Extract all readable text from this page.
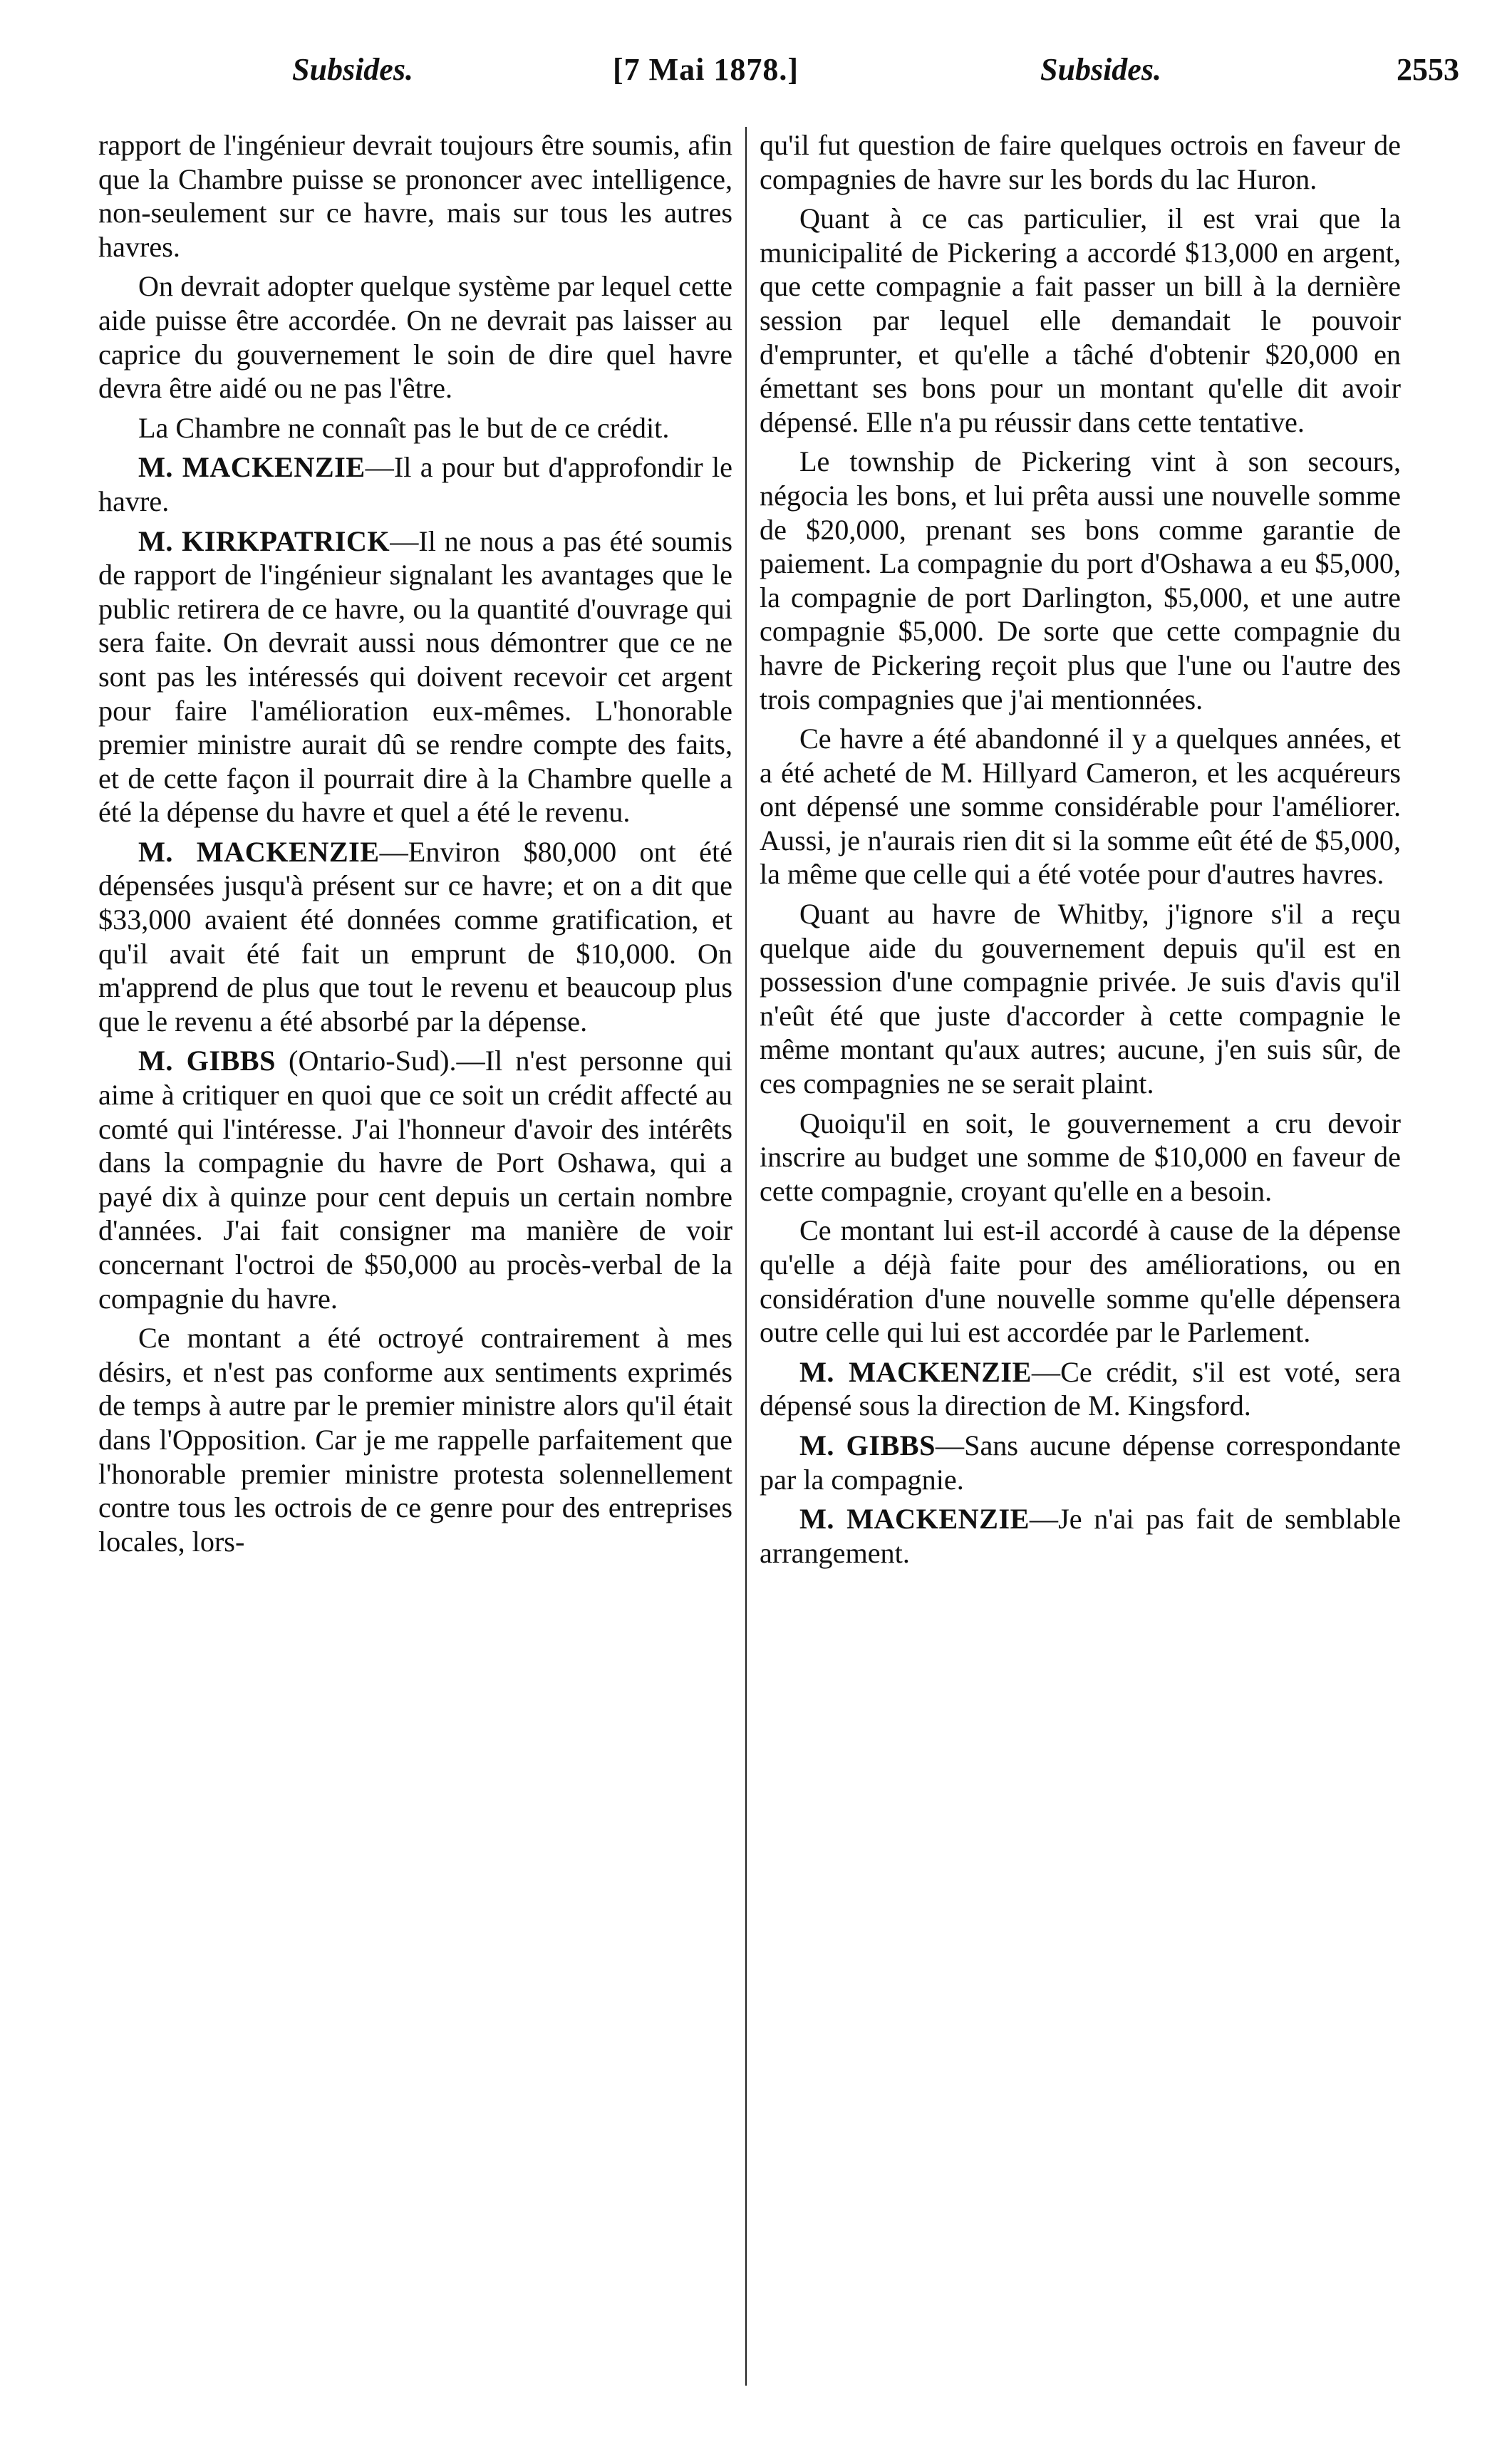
Subsides.	[7 Mai 1878.]	Subsides.	2553

rapport de l'ingénieur devrait toujours être soumis, afin que la Chambre puisse se prononcer avec intelligence, non-seulement sur ce havre, mais sur tous les autres havres.

On devrait adopter quelque système par lequel cette aide puisse être accordée. On ne devrait pas laisser au caprice du gouvernement le soin de dire quel havre devra être aidé ou ne pas l'être.

La Chambre ne connaît pas le but de ce crédit.

M. MACKENZIE—Il a pour but d'approfondir le havre.

M. KIRKPATRICK—Il ne nous a pas été soumis de rapport de l'ingénieur signalant les avantages que le public retirera de ce havre, ou la quantité d'ouvrage qui sera faite. On devrait aussi nous démontrer que ce ne sont pas les intéressés qui doivent recevoir cet argent pour faire l'amélioration eux-mêmes. L'honorable premier ministre aurait dû se rendre compte des faits, et de cette façon il pourrait dire à la Chambre quelle a été la dépense du havre et quel a été le revenu.

M. MACKENZIE—Environ $80,000 ont été dépensées jusqu'à présent sur ce havre; et on a dit que $33,000 avaient été données comme gratification, et qu'il avait été fait un emprunt de $10,000. On m'apprend de plus que tout le revenu et beaucoup plus que le revenu a été absorbé par la dépense.

M. GIBBS (Ontario-Sud).—Il n'est personne qui aime à critiquer en quoi que ce soit un crédit affecté au comté qui l'intéresse. J'ai l'honneur d'avoir des intérêts dans la compagnie du havre de Port Oshawa, qui a payé dix à quinze pour cent depuis un certain nombre d'années. J'ai fait consigner ma manière de voir concernant l'octroi de $50,000 au procès-verbal de la compagnie du havre.

Ce montant a été octroyé contrairement à mes désirs, et n'est pas conforme aux sentiments exprimés de temps à autre par le premier ministre alors qu'il était dans l'Opposition. Car je me rappelle parfaitement que l'honorable premier ministre protesta solennellement contre tous les octrois de ce genre pour des entreprises locales, lors-

qu'il fut question de faire quelques octrois en faveur de compagnies de havre sur les bords du lac Huron.

Quant à ce cas particulier, il est vrai que la municipalité de Pickering a accordé $13,000 en argent, que cette compagnie a fait passer un bill à la dernière session par lequel elle demandait le pouvoir d'emprunter, et qu'elle a tâché d'obtenir $20,000 en émettant ses bons pour un montant qu'elle dit avoir dépensé. Elle n'a pu réussir dans cette tentative.

Le township de Pickering vint à son secours, négocia les bons, et lui prêta aussi une nouvelle somme de $20,000, prenant ses bons comme garantie de paiement. La compagnie du port d'Oshawa a eu $5,000, la compagnie de port Darlington, $5,000, et une autre compagnie $5,000. De sorte que cette compagnie du havre de Pickering reçoit plus que l'une ou l'autre des trois compagnies que j'ai mentionnées.

Ce havre a été abandonné il y a quelques années, et a été acheté de M. Hillyard Cameron, et les acquéreurs ont dépensé une somme considérable pour l'améliorer. Aussi, je n'aurais rien dit si la somme eût été de $5,000, la même que celle qui a été votée pour d'autres havres.

Quant au havre de Whitby, j'ignore s'il a reçu quelque aide du gouvernement depuis qu'il est en possession d'une compagnie privée. Je suis d'avis qu'il n'eût été que juste d'accorder à cette compagnie le même montant qu'aux autres; aucune, j'en suis sûr, de ces compagnies ne se serait plaint.

Quoiqu'il en soit, le gouvernement a cru devoir inscrire au budget une somme de $10,000 en faveur de cette compagnie, croyant qu'elle en a besoin.

Ce montant lui est-il accordé à cause de la dépense qu'elle a déjà faite pour des améliorations, ou en considération d'une nouvelle somme qu'elle dépensera outre celle qui lui est accordée par le Parlement.

M. MACKENZIE—Ce crédit, s'il est voté, sera dépensé sous la direction de M. Kingsford.

M. GIBBS—Sans aucune dépense correspondante par la compagnie.

M. MACKENZIE—Je n'ai pas fait de semblable arrangement.
